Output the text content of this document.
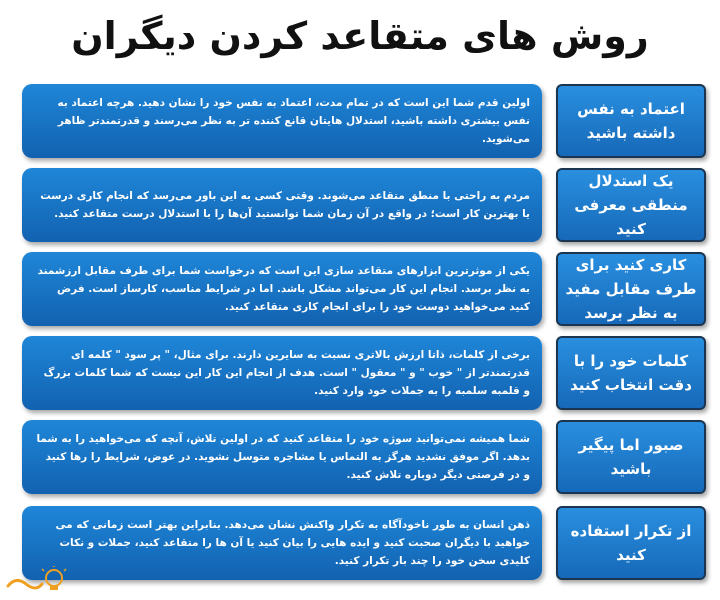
روش های متقاعد کردن دیگران
اولین قدم شما این است که در تمام مدت، اعتماد به نفس خود را نشان دهید. هرچه اعتماد به نفس بیشتری داشته باشید، استدلال هایتان قانع کننده تر به نظر می‌رسند و قدرتمندتر ظاهر می‌شوید.
اعتماد به نفس داشته باشید
مردم به راحتی با منطق متقاعد می‌شوند. وقتی کسی به این باور می‌رسد که انجام کاری درست یا بهترین کار است؛ در واقع در آن زمان شما توانستید آن‌ها را با استدلال درست متقاعد کنید.
یک استدلال منطقی معرفی کنید
یکی از موثرترین ابزارهای متقاعد سازی این است که درخواست شما برای طرف مقابل ارزشمند به نظر برسد. انجام این کار می‌تواند مشکل باشد. اما در شرایط مناسب، کارساز است. فرض کنید می‌خواهید دوست خود را برای انجام کاری متقاعد کنید.
کاری کنید برای طرف مقابل مفید به نظر برسد
برخی از کلمات، ذاتا ارزش بالاتری نسبت به سایرین دارند. برای مثال، " پر سود " کلمه ای قدرتمندتر از " خوب " و " معقول " است. هدف از انجام این کار این نیست که شما کلمات بزرگ و قلمبه سلمبه را به جملات خود وارد کنید.
کلمات خود را با دقت انتخاب کنید
شما همیشه نمی‌توانید سوژه خود را متقاعد کنید که در اولین تلاش، آنچه که می‌خواهید را به شما بدهد. اگر موفق نشدید هرگز به التماس یا مشاجره متوسل نشوید. در عوض، شرایط را رها کنید و در فرصتی دیگر دوباره تلاش کنید.
صبور اما پیگیر باشید
ذهن انسان به طور ناخودآگاه به تکرار واکنش نشان می‌دهد. بنابراین بهتر است زمانی که می خواهید با دیگران صحبت کنید و ایده هایی را بیان کنید یا آن ها را متقاعد کنید، جملات و نکات کلیدی سخن خود را چند بار تکرار کنید.
از تکرار استفاده کنید
